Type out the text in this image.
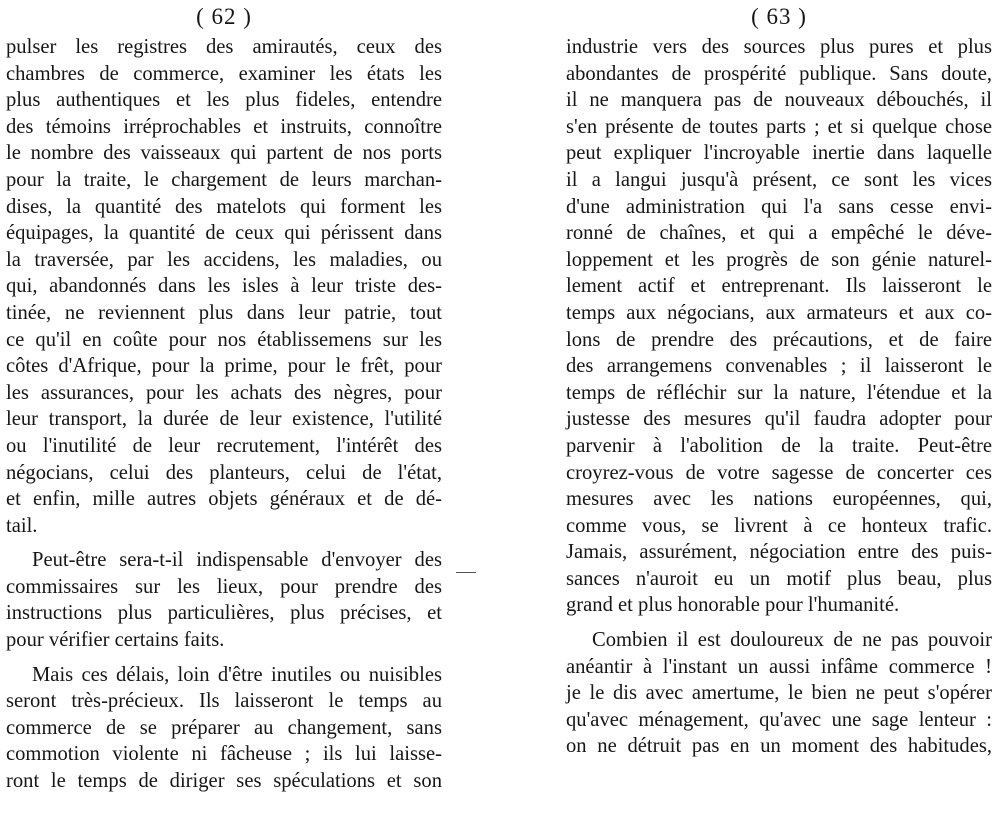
( 62 )
pulser les registres des amirautés, ceux des
chambres de commerce, examiner les états les
plus authentiques et les plus fideles, entendre
des témoins irréprochables et instruits, connoître
le nombre des vaisseaux qui partent de nos ports
pour la traite, le chargement de leurs marchan-
dises, la quantité des matelots qui forment les
équipages, la quantité de ceux qui périssent dans
la traversée, par les accidens, les maladies, ou
qui, abandonnés dans les isles à leur triste des-
tinée, ne reviennent plus dans leur patrie, tout
ce qu'il en coûte pour nos établissemens sur les
côtes d'Afrique, pour la prime, pour le frêt, pour
les assurances, pour les achats des nègres, pour
leur transport, la durée de leur existence, l'utilité
ou l'inutilité de leur recrutement, l'intérêt des
négocians, celui des planteurs, celui de l'état,
et enfin, mille autres objets généraux et de dé-
tail.
Peut-être sera-t-il indispensable d'envoyer des
commissaires sur les lieux, pour prendre des
instructions plus particulières, plus précises, et
pour vérifier certains faits.
Mais ces délais, loin d'être inutiles ou nuisibles
seront très-précieux. Ils laisseront le temps au
commerce de se préparer au changement, sans
commotion violente ni fâcheuse ; ils lui laisse-
ront le temps de diriger ses spéculations et son
( 63 )
industrie vers des sources plus pures et plus
abondantes de prospérité publique. Sans doute,
il ne manquera pas de nouveaux débouchés, il
s'en présente de toutes parts ; et si quelque chose
peut expliquer l'incroyable inertie dans laquelle
il a langui jusqu'à présent, ce sont les vices
d'une administration qui l'a sans cesse envi-
ronné de chaînes, et qui a empêché le déve-
loppement et les progrès de son génie naturel-
lement actif et entreprenant. Ils laisseront le
temps aux négocians, aux armateurs et aux co-
lons de prendre des précautions, et de faire
des arrangemens convenables ; il laisseront le
temps de réfléchir sur la nature, l'étendue et la
justesse des mesures qu'il faudra adopter pour
parvenir à l'abolition de la traite. Peut-être
croyrez-vous de votre sagesse de concerter ces
mesures avec les nations européennes, qui,
comme vous, se livrent à ce honteux trafic.
Jamais, assurément, négociation entre des puis-
sances n'auroit eu un motif plus beau, plus
grand et plus honorable pour l'humanité.
Combien il est douloureux de ne pas pouvoir
anéantir à l'instant un aussi infâme commerce !
je le dis avec amertume, le bien ne peut s'opérer
qu'avec ménagement, qu'avec une sage lenteur :
on ne détruit pas en un moment des habitudes,
